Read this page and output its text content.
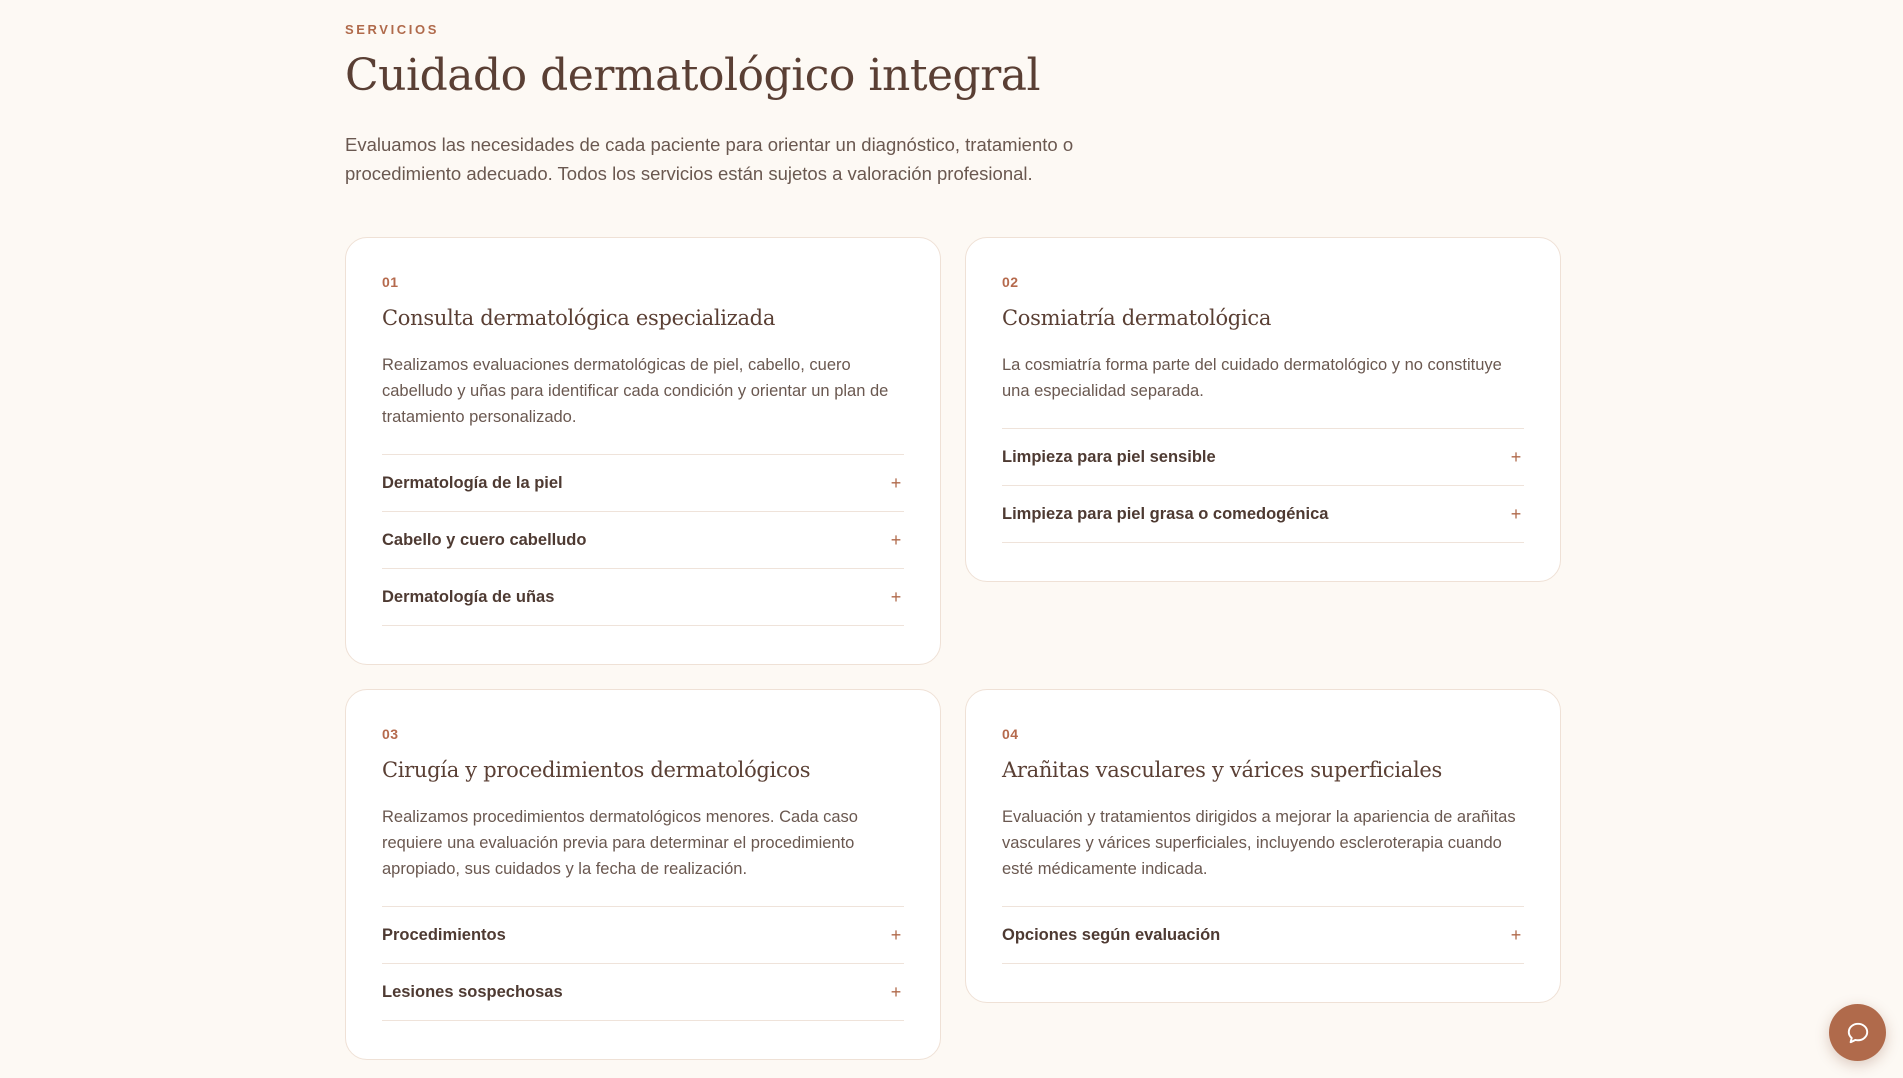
SERVICIOS
Cuidado dermatológico integral

Evaluamos las necesidades de cada paciente para orientar un diagnóstico, tratamiento o procedimiento adecuado. Todos los servicios están sujetos a valoración profesional.

01
Consulta dermatológica especializada

Realizamos evaluaciones dermatológicas de piel, cabello, cuero cabelludo y uñas para identificar cada condición y orientar un plan de tratamiento personalizado.

Dermatología de la piel	+
Cabello y cuero cabelludo	+
Dermatología de uñas	+
02
Cosmiatría dermatológica

La cosmiatría forma parte del cuidado dermatológico y no constituye una especialidad separada.

Limpieza para piel sensible	+
Limpieza para piel grasa o comedogénica	+
03
Cirugía y procedimientos dermatológicos

Realizamos procedimientos dermatológicos menores. Cada caso requiere una evaluación previa para determinar el procedimiento apropiado, sus cuidados y la fecha de realización.

Procedimientos	+
Lesiones sospechosas	+
04
Arañitas vasculares y várices superficiales

Evaluación y tratamientos dirigidos a mejorar la apariencia de arañitas vasculares y várices superficiales, incluyendo escleroterapia cuando esté médicamente indicada.

Opciones según evaluación	+
